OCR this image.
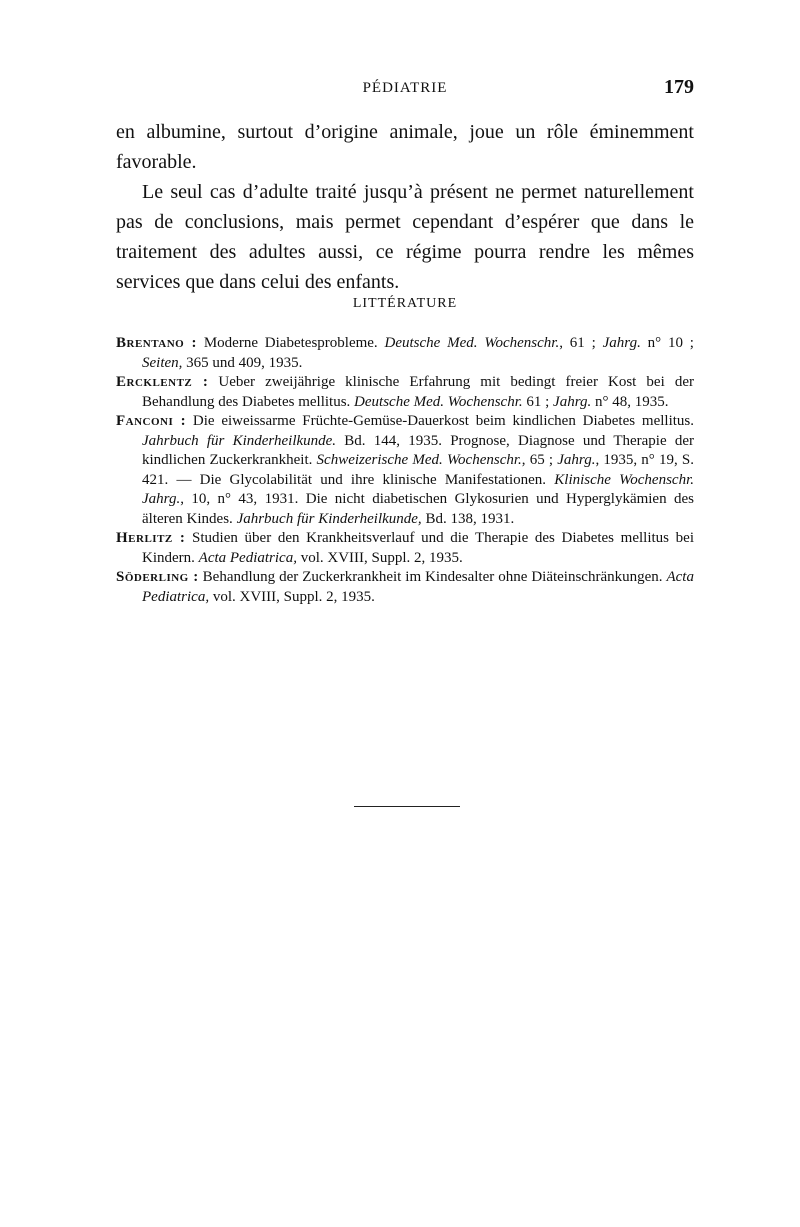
PÉDIATRIE	179

en albumine, surtout d’origine animale, joue un rôle éminemment favorable.

Le seul cas d’adulte traité jusqu’à présent ne permet naturellement pas de conclusions, mais permet cependant d’espérer que dans le traitement des adultes aussi, ce régime pourra rendre les mêmes services que dans celui des enfants.

LITTÉRATURE

Brentano : Moderne Diabetesprobleme. Deutsche Med. Wochenschr., 61 ; Jahrg. n° 10 ; Seiten, 365 und 409, 1935.

Ercklentz : Ueber zweijährige klinische Erfahrung mit bedingt freier Kost bei der Behandlung des Diabetes mellitus. Deutsche Med. Wochenschr. 61 ; Jahrg. n° 48, 1935.

Fanconi : Die eiweissarme Früchte-Gemüse-Dauerkost beim kindlichen Diabetes mellitus. Jahrbuch für Kinderheilkunde. Bd. 144, 1935. Prognose, Diagnose und Therapie der kindlichen Zuckerkrankheit. Schweizerische Med. Wochenschr., 65 ; Jahrg., 1935, n° 19, S. 421. — Die Glycolabilität und ihre klinische Manifestationen. Klinische Wochenschr. Jahrg., 10, n° 43, 1931. Die nicht diabetischen Glykosurien und Hyperglykämien des älteren Kindes. Jahrbuch für Kinderheilkunde, Bd. 138, 1931.

Herlitz : Studien über den Krankheitsverlauf und die Therapie des Diabetes mellitus bei Kindern. Acta Pediatrica, vol. XVIII, Suppl. 2, 1935.

Söderling : Behandlung der Zuckerkrankheit im Kindesalter ohne Diäteinschränkungen. Acta Pediatrica, vol. XVIII, Suppl. 2, 1935.
